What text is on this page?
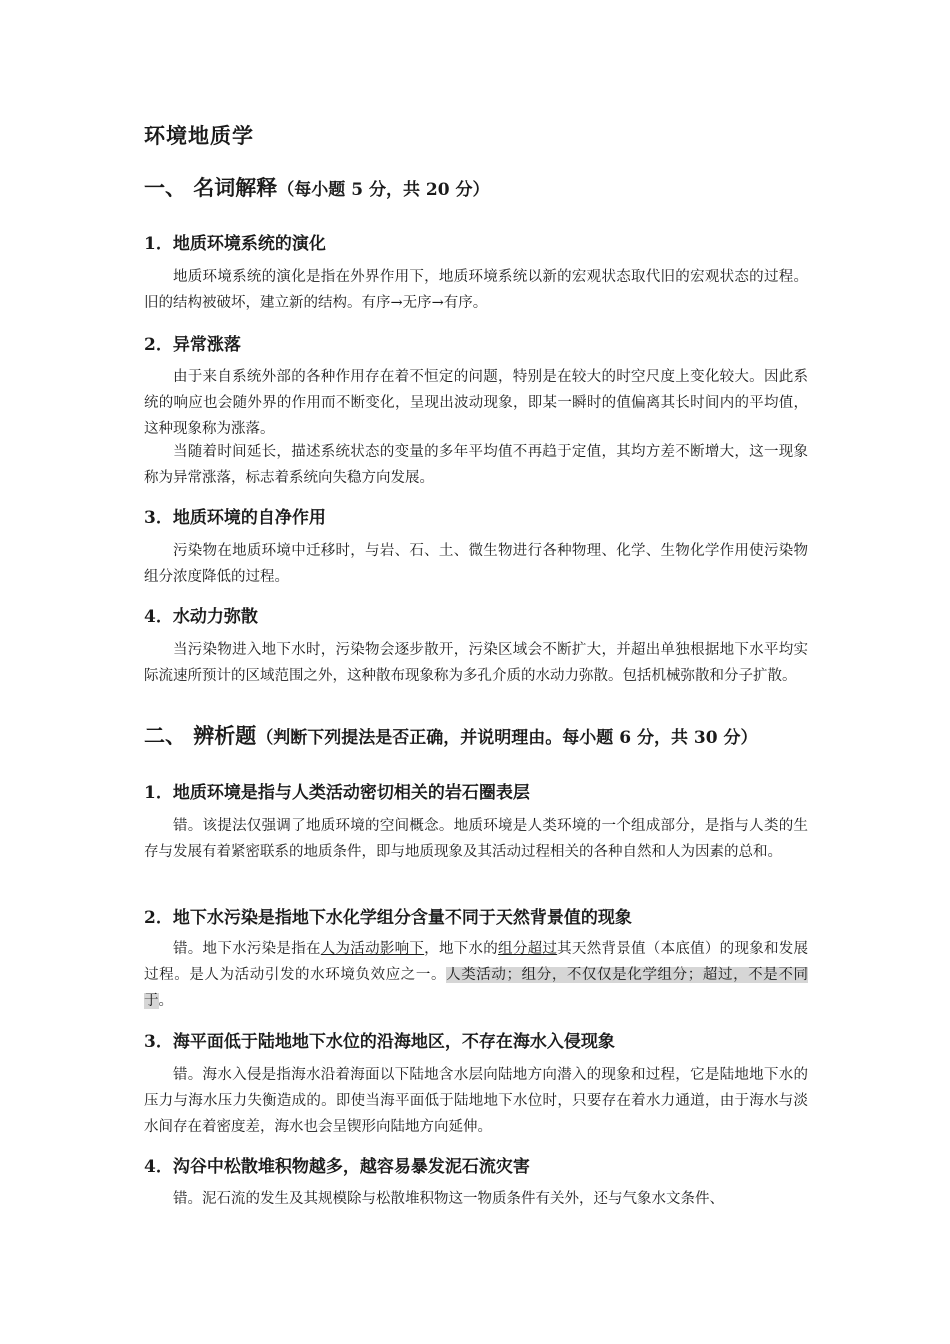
环境地质学
一、 名词解释（每小题 5 分，共 20 分）
1．地质环境系统的演化

地质环境系统的演化是指在外界作用下，地质环境系统以新的宏观状态取代旧的宏观状态的过程。旧的结构被破坏，建立新的结构。有序→无序→有序。

2．异常涨落

由于来自系统外部的各种作用存在着不恒定的问题，特别是在较大的时空尺度上变化较大。因此系统的响应也会随外界的作用而不断变化，呈现出波动现象，即某一瞬时的值偏离其长时间内的平均值，这种现象称为涨落。

当随着时间延长，描述系统状态的变量的多年平均值不再趋于定值，其均方差不断增大，这一现象称为异常涨落，标志着系统向失稳方向发展。

3．地质环境的自净作用

污染物在地质环境中迁移时，与岩、石、土、微生物进行各种物理、化学、生物化学作用使污染物组分浓度降低的过程。

4．水动力弥散

当污染物进入地下水时，污染物会逐步散开，污染区域会不断扩大，并超出单独根据地下水平均实际流速所预计的区域范围之外，这种散布现象称为多孔介质的水动力弥散。包括机械弥散和分子扩散。

二、 辨析题（判断下列提法是否正确，并说明理由。每小题 6 分，共 30 分）
1．地质环境是指与人类活动密切相关的岩石圈表层

错。该提法仅强调了地质环境的空间概念。地质环境是人类环境的一个组成部分，是指与人类的生存与发展有着紧密联系的地质条件，即与地质现象及其活动过程相关的各种自然和人为因素的总和。

2．地下水污染是指地下水化学组分含量不同于天然背景值的现象

错。地下水污染是指在人为活动影响下，地下水的组分超过其天然背景值（本底值）的现象和发展过程。是人为活动引发的水环境负效应之一。人类活动；组分，不仅仅是化学组分；超过，不是不同于。

3．海平面低于陆地地下水位的沿海地区，不存在海水入侵现象

错。海水入侵是指海水沿着海面以下陆地含水层向陆地方向潜入的现象和过程，它是陆地地下水的压力与海水压力失衡造成的。即使当海平面低于陆地地下水位时，只要存在着水力通道，由于海水与淡水间存在着密度差，海水也会呈锲形向陆地方向延伸。

4．沟谷中松散堆积物越多，越容易暴发泥石流灾害

错。泥石流的发生及其规模除与松散堆积物这一物质条件有关外，还与气象水文条件、
